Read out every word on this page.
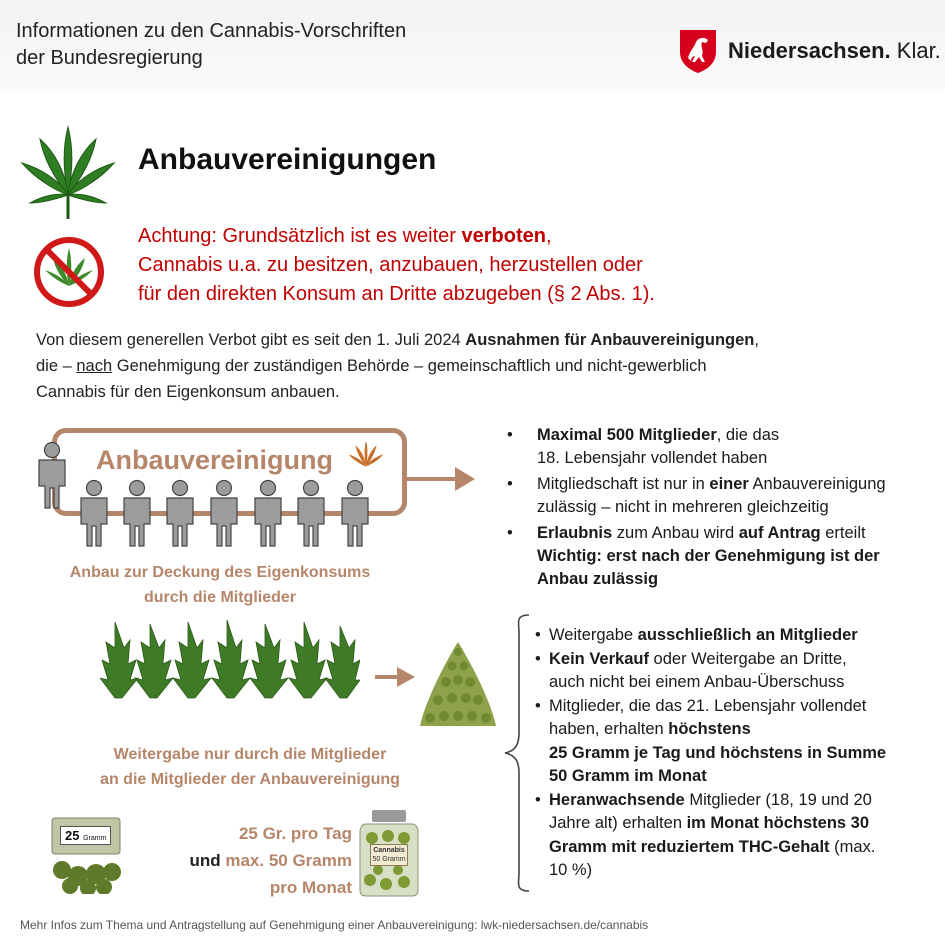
Informationen zu den Cannabis-Vorschriften
der Bundesregierung	Niedersachsen. Klar.
Anbauvereinigungen
Achtung: Grundsätzlich ist es weiter verboten,
Cannabis u.a. zu besitzen, anzubauen, herzustellen oder
für den direkten Konsum an Dritte abzugeben (§ 2 Abs. 1).
Von diesem generellen Verbot gibt es seit den 1. Juli 2024 Ausnahmen für Anbauvereinigungen,
die – nach Genehmigung der zuständigen Behörde – gemeinschaftlich und nicht-gewerblich
Cannabis für den Eigenkonsum anbauen.
Anbauvereinigung
Anbau zur Deckung des Eigenkonsums
durch die Mitglieder
Weitergabe nur durch die Mitglieder
an die Mitglieder der Anbauvereinigung
25 Gramm	25 Gr. pro Tag
und max. 50 Gramm
pro Monat
Cannabis
50 Gramm
• Maximal 500 Mitglieder, die das
18. Lebensjahr vollendet haben
• Mitgliedschaft ist nur in einer Anbauvereinigung
zulässig – nicht in mehreren gleichzeitig
• Erlaubnis zum Anbau wird auf Antrag erteilt
Wichtig: erst nach der Genehmigung ist der
Anbau zulässig
• Weitergabe ausschließlich an Mitglieder
• Kein Verkauf oder Weitergabe an Dritte,
auch nicht bei einem Anbau-Überschuss
• Mitglieder, die das 21. Lebensjahr vollendet
haben, erhalten höchstens
25 Gramm je Tag und höchstens in Summe
50 Gramm im Monat
• Heranwachsende Mitglieder (18, 19 und 20
Jahre alt) erhalten im Monat höchstens 30
Gramm mit reduziertem THC-Gehalt (max.
10 %)
Mehr Infos zum Thema und Antragstellung auf Genehmigung einer Anbauvereinigung: lwk-niedersachsen.de/cannabis
